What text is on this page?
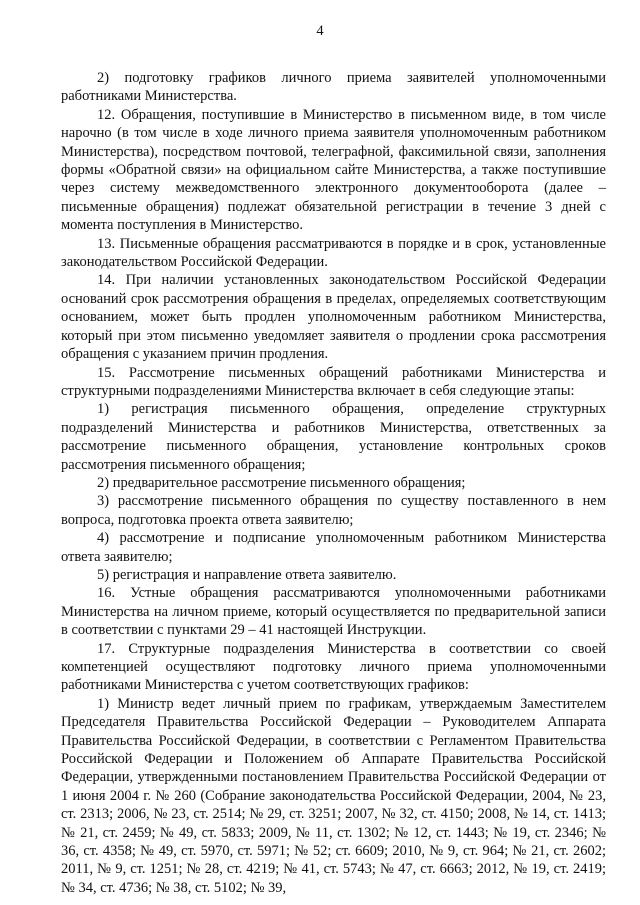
4

2) подготовку графиков личного приема заявителей уполномоченными работниками Министерства.

12. Обращения, поступившие в Министерство в письменном виде, в том числе нарочно (в том числе в ходе личного приема заявителя уполномоченным работником Министерства), посредством почтовой, телеграфной, факсимильной связи, заполнения формы «Обратной связи» на официальном сайте Министерства, а также поступившие через систему межведомственного электронного документооборота (далее – письменные обращения) подлежат обязательной регистрации в течение 3 дней с момента поступления в Министерство.

13. Письменные обращения рассматриваются в порядке и в срок, установленные законодательством Российской Федерации.

14. При наличии установленных законодательством Российской Федерации оснований срок рассмотрения обращения в пределах, определяемых соответствующим основанием, может быть продлен уполномоченным работником Министерства, который при этом письменно уведомляет заявителя о продлении срока рассмотрения обращения с указанием причин продления.

15. Рассмотрение письменных обращений работниками Министерства и структурными подразделениями Министерства включает в себя следующие этапы:

1) регистрация письменного обращения, определение структурных подразделений Министерства и работников Министерства, ответственных за рассмотрение письменного обращения, установление контрольных сроков рассмотрения письменного обращения;

2) предварительное рассмотрение письменного обращения;

3) рассмотрение письменного обращения по существу поставленного в нем вопроса, подготовка проекта ответа заявителю;

4) рассмотрение и подписание уполномоченным работником Министерства ответа заявителю;

5) регистрация и направление ответа заявителю.

16. Устные обращения рассматриваются уполномоченными работниками Министерства на личном приеме, который осуществляется по предварительной записи в соответствии с пунктами 29 – 41 настоящей Инструкции.

17. Структурные подразделения Министерства в соответствии со своей компетенцией осуществляют подготовку личного приема уполномоченными работниками Министерства с учетом соответствующих графиков:

1) Министр ведет личный прием по графикам, утверждаемым Заместителем Председателя Правительства Российской Федерации – Руководителем Аппарата Правительства Российской Федерации, в соответствии с Регламентом Правительства Российской Федерации и Положением об Аппарате Правительства Российской Федерации, утвержденными постановлением Правительства Российской Федерации от 1 июня 2004 г. № 260 (Собрание законодательства Российской Федерации, 2004, № 23, ст. 2313; 2006, № 23, ст. 2514; № 29, ст. 3251; 2007, № 32, ст. 4150; 2008, № 14, ст. 1413; № 21, ст. 2459; № 49, ст. 5833; 2009, № 11, ст. 1302; № 12, ст. 1443; № 19, ст. 2346; № 36, ст. 4358; № 49, ст. 5970, ст. 5971; № 52; ст. 6609; 2010, № 9, ст. 964; № 21, ст. 2602; 2011, № 9, ст. 1251; № 28, ст. 4219; № 41, ст. 5743; № 47, ст. 6663; 2012, № 19, ст. 2419; № 34, ст. 4736; № 38, ст. 5102; № 39,
